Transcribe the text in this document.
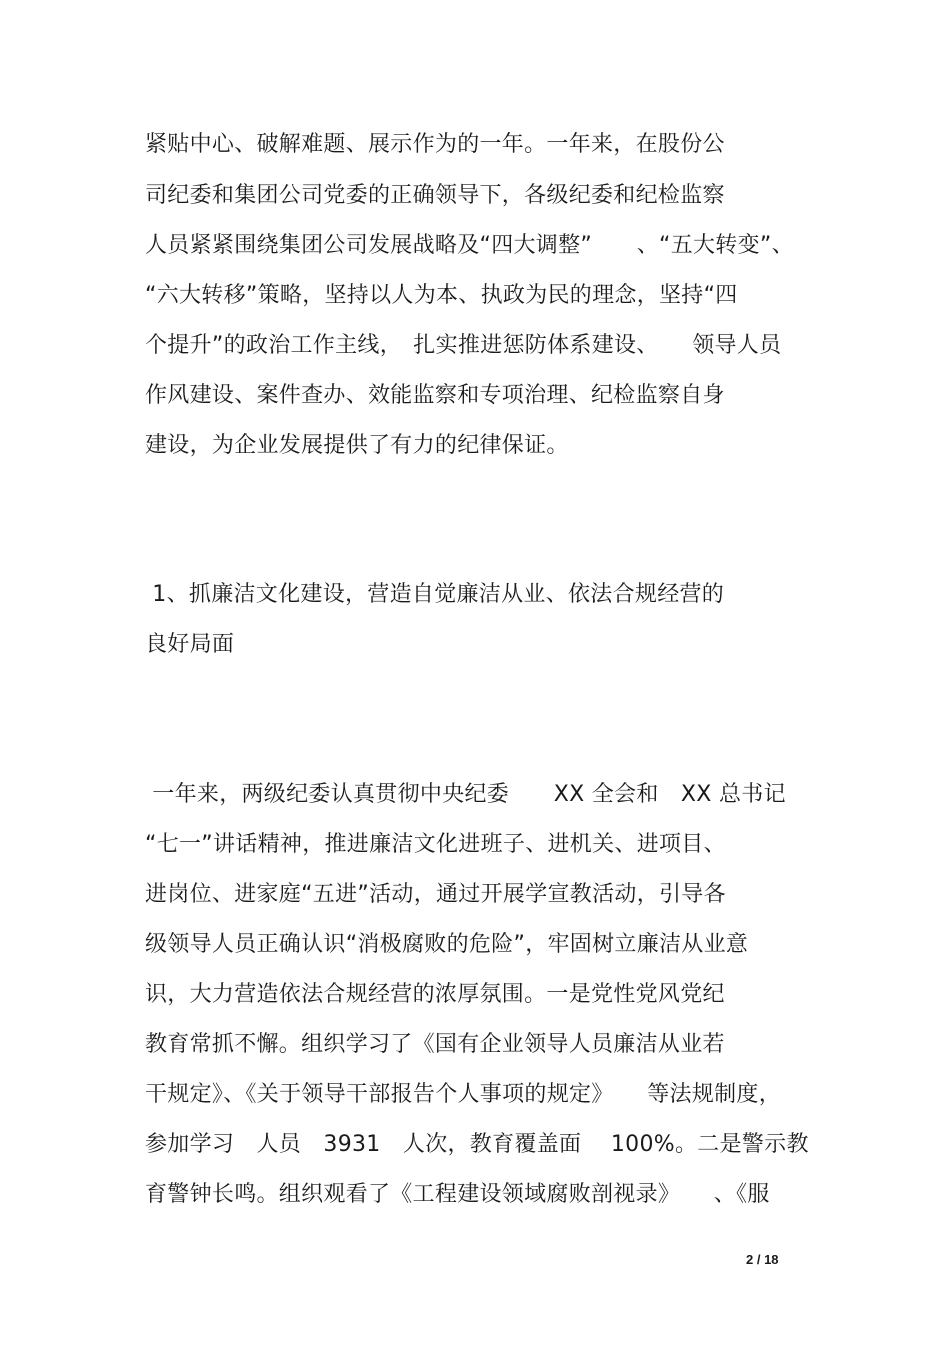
紧贴中心、破解难题、展示作为的一年。一年来，在股份公
司纪委和集团公司党委的正确领导下，各级纪委和纪检监察
人员紧紧围绕集团公司发展战略及“四大调整”　　、“五大转变”、
“六大转移”策略，坚持以人为本、执政为民的理念，坚持“四
个提升”的政治工作主线，　扎实推进惩防体系建设、　　领导人员
作风建设、案件查办、效能监察和专项治理、纪检监察自身
建设，为企业发展提供了有力的纪律保证。
1、抓廉洁文化建设，营造自觉廉洁从业、依法合规经营的
良好局面
一年来，两级纪委认真贯彻中央纪委　　XX 全会和　XX 总书记
“七一”讲话精神，推进廉洁文化进班子、进机关、进项目、
进岗位、进家庭“五进”活动，通过开展学宣教活动，引导各
级领导人员正确认识“消极腐败的危险”，牢固树立廉洁从业意
识，大力营造依法合规经营的浓厚氛围。一是党性党风党纪
教育常抓不懈。组织学习了《国有企业领导人员廉洁从业若
干规定》、《关于领导干部报告个人事项的规定》　　等法规制度，
参加学习　人员　3931　人次，教育覆盖面　 100%。二是警示教
育警钟长鸣。组织观看了《工程建设领域腐败剖视录》　　、《服
2 / 18
